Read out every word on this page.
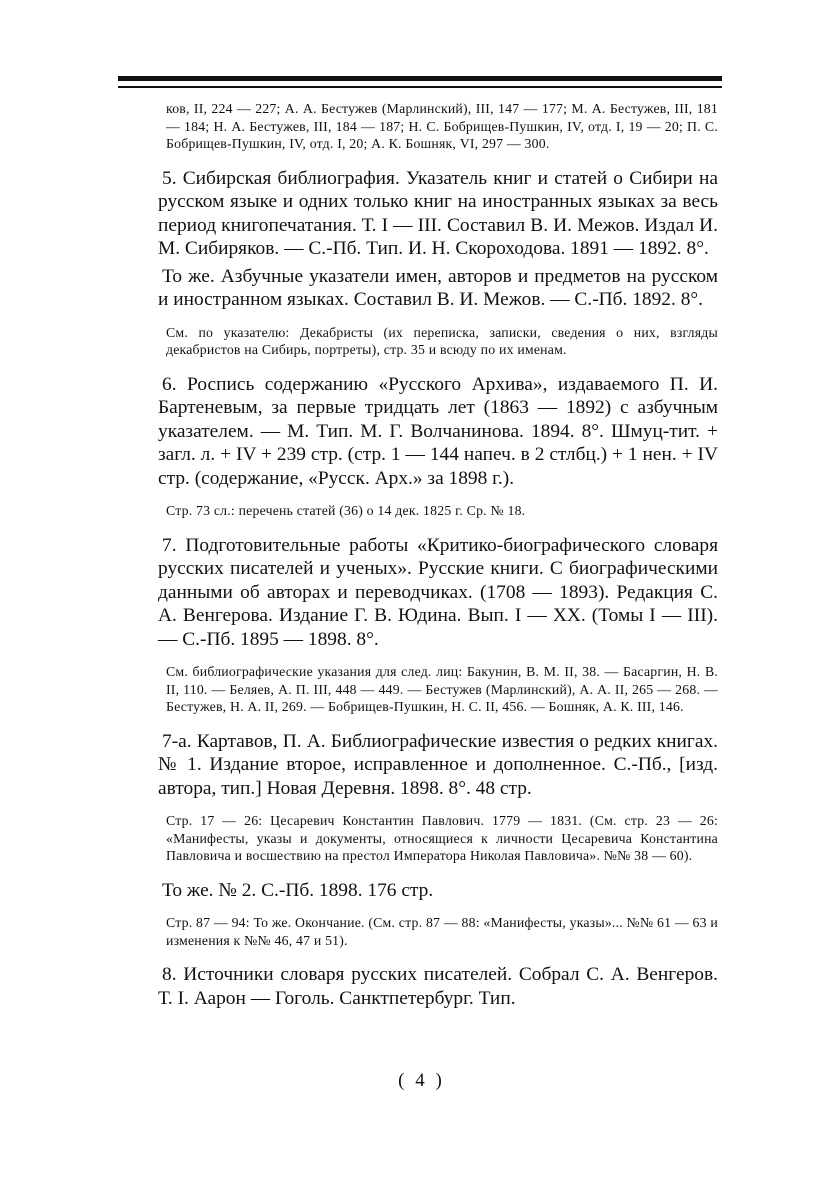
ков, II, 224 — 227; А. А. Бестужев (Марлинский), III, 147 — 177; М. А. Бестужев, III, 181 — 184; Н. А. Бестужев, III, 184 — 187; Н. С. Бобрищев-Пушкин, IV, отд. I, 19 — 20; П. С. Бобрищев-Пушкин, IV, отд. I, 20; А. К. Бошняк, VI, 297 — 300.

5. Сибирская библиография. Указатель книг и статей о Сибири на русском языке и одних только книг на иностранных языках за весь период книгопечатания. Т. I — III. Составил В. И. Межов. Издал И. М. Сибиряков. — С.-Пб. Тип. И. Н. Скороходова. 1891 — 1892. 8°.

То же. Азбучные указатели имен, авторов и предметов на русском и иностранном языках. Составил В. И. Межов. — С.-Пб. 1892. 8°.

См. по указателю: Декабристы (их переписка, записки, сведения о них, взгляды декабристов на Сибирь, портреты), стр. 35 и всюду по их именам.

6. Роспись содержанию «Русского Архива», издаваемого П. И. Бартеневым, за первые тридцать лет (1863 — 1892) с азбучным указателем. — М. Тип. М. Г. Волчанинова. 1894. 8°. Шмуц-тит. + загл. л. + IV + 239 стр. (стр. 1 — 144 напеч. в 2 стлбц.) + 1 нен. + IV стр. (содержание, «Русск. Арх.» за 1898 г.).

Стр. 73 сл.: перечень статей (36) о 14 дек. 1825 г. Ср. № 18.

7. Подготовительные работы «Критико-биографического словаря русских писателей и ученых». Русские книги. С биографическими данными об авторах и переводчиках. (1708 — 1893). Редакция С. А. Венгерова. Издание Г. В. Юдина. Вып. I — XX. (Томы I — III). — С.-Пб. 1895 — 1898. 8°.

См. библиографические указания для след. лиц: Бакунин, В. М. II, 38. — Басаргин, Н. В. II, 110. — Беляев, А. П. III, 448 — 449. — Бестужев (Марлинский), А. А. II, 265 — 268. — Бестужев, Н. А. II, 269. — Бобрищев-Пушкин, Н. С. II, 456. — Бошняк, А. К. III, 146.

7-а. Картавов, П. А. Библиографические известия о редких книгах. № 1. Издание второе, исправленное и дополненное. С.-Пб., [изд. автора, тип.] Новая Деревня. 1898. 8°. 48 стр.

Стр. 17 — 26: Цесаревич Константин Павлович. 1779 — 1831. (См. стр. 23 — 26: «Манифесты, указы и документы, относящиеся к личности Цесаревича Константина Павловича и восшествию на престол Императора Николая Павловича». №№ 38 — 60).

То же. № 2. С.-Пб. 1898. 176 стр.

Стр. 87 — 94: То же. Окончание. (См. стр. 87 — 88: «Манифесты, указы»... №№ 61 — 63 и изменения к №№ 46, 47 и 51).

8. Источники словаря русских писателей. Собрал С. А. Венгеров. Т. I. Аарон — Гоголь. Санктпетербург. Тип.

( 4 )
